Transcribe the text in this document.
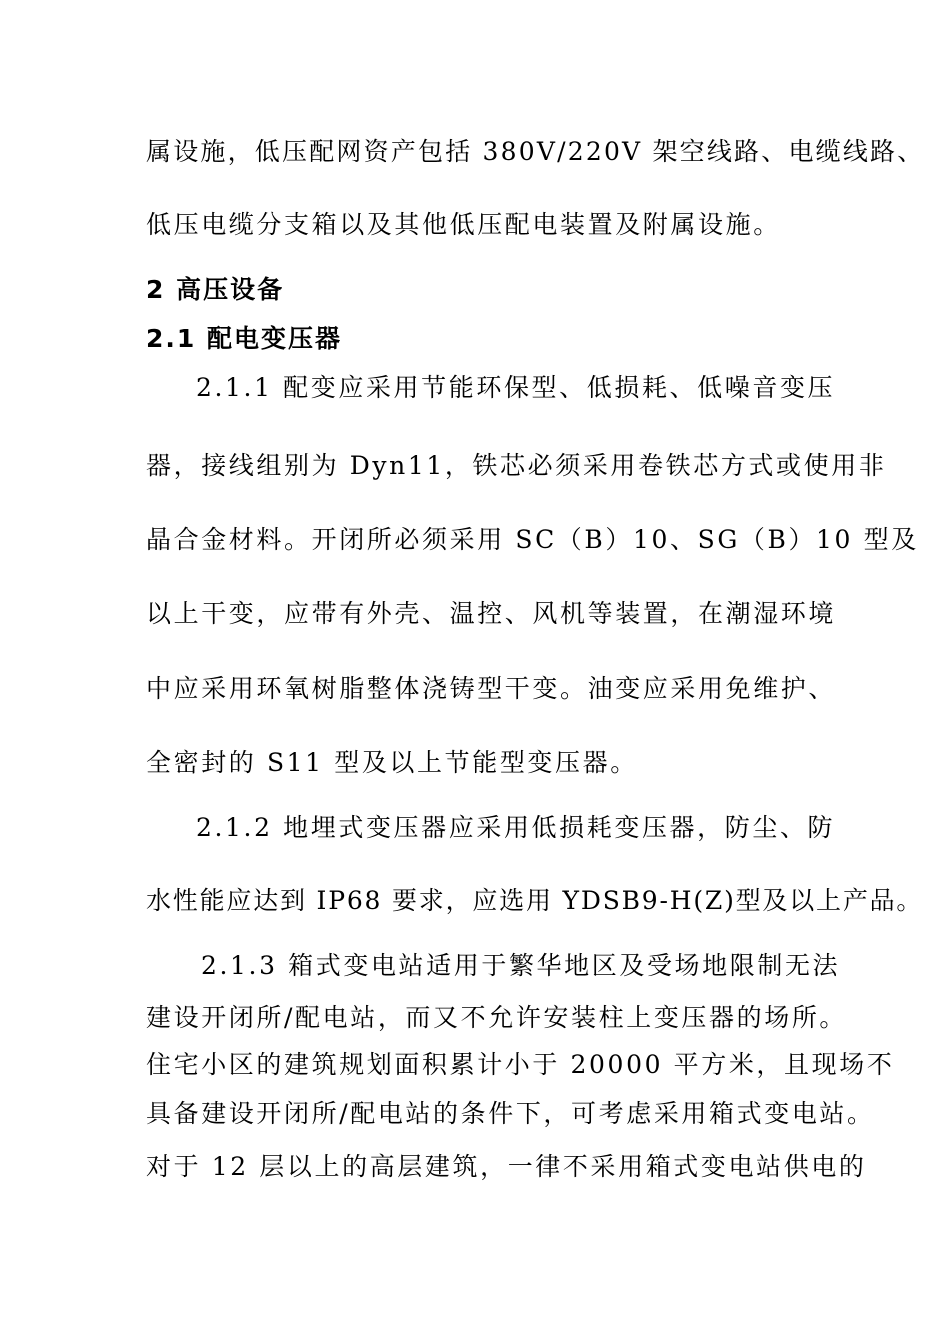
属设施，低压配网资产包括 380V/220V 架空线路、电缆线路、

低压电缆分支箱以及其他低压配电装置及附属设施。

2 高压设备

2.1 配电变压器

2.1.1 配变应采用节能环保型、低损耗、低噪音变压

器，接线组别为 Dyn11，铁芯必须采用卷铁芯方式或使用非

晶合金材料。开闭所必须采用 SC（B）10、SG（B）10 型及

以上干变，应带有外壳、温控、风机等装置，在潮湿环境

中应采用环氧树脂整体浇铸型干变。油变应采用免维护、

全密封的 S11 型及以上节能型变压器。

2.1.2 地埋式变压器应采用低损耗变压器，防尘、防

水性能应达到 IP68 要求，应选用 YDSB9-H(Z)型及以上产品。

2.1.3 箱式变电站适用于繁华地区及受场地限制无法

建设开闭所/配电站，而又不允许安装柱上变压器的场所。

住宅小区的建筑规划面积累计小于 20000 平方米，且现场不

具备建设开闭所/配电站的条件下，可考虑采用箱式变电站。

对于 12 层以上的高层建筑，一律不采用箱式变电站供电的
